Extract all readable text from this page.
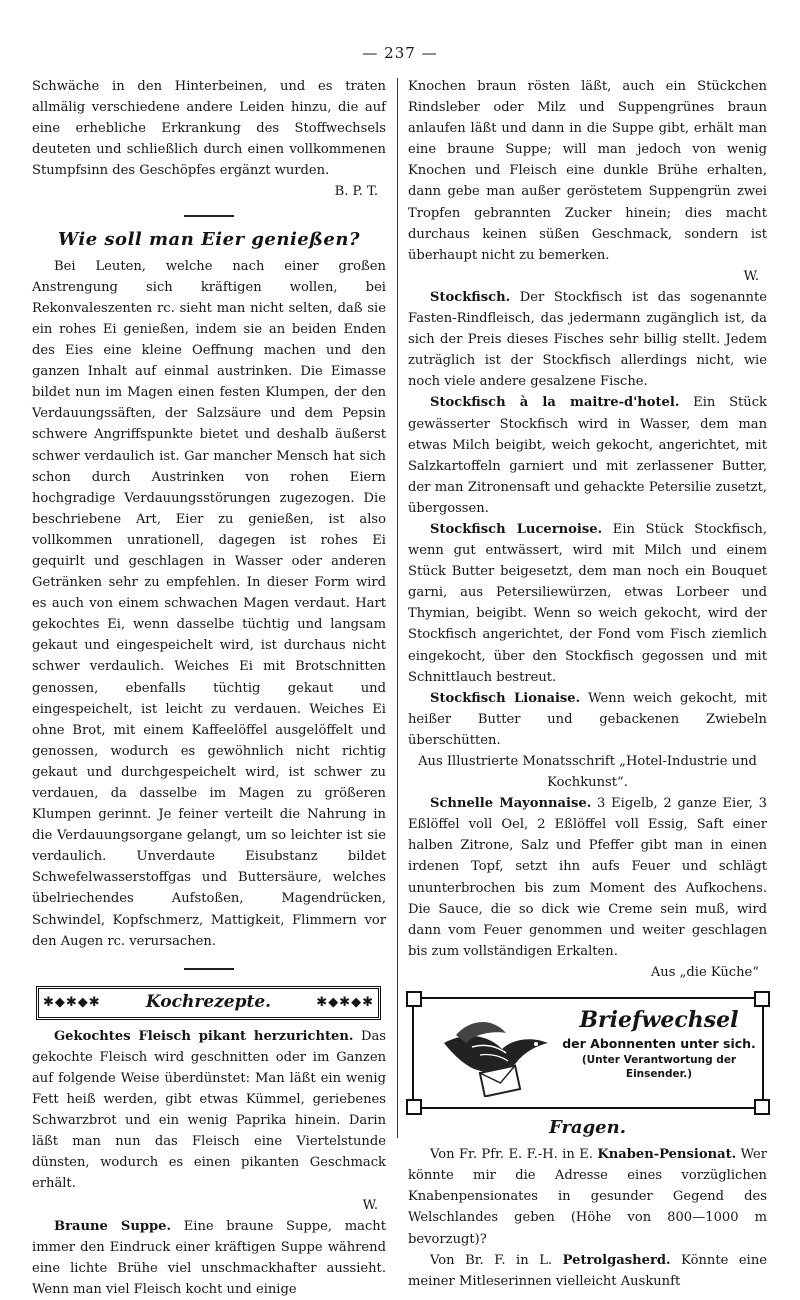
— 237 —

Schwäche in den Hinterbeinen, und es traten allmälig verschiedene andere Leiden hinzu, die auf eine erhebliche Erkrankung des Stoffwechsels deuteten und schließlich durch einen vollkommenen Stumpfsinn des Geschöpfes ergänzt wurden.

B. P. T.

Wie soll man Eier genießen?

Bei Leuten, welche nach einer großen Anstrengung sich kräftigen wollen, bei Rekonvaleszenten rc. sieht man nicht selten, daß sie ein rohes Ei genießen, indem sie an beiden Enden des Eies eine kleine Oeffnung machen und den ganzen Inhalt auf einmal austrinken. Die Eimasse bildet nun im Magen einen festen Klumpen, der den Verdauungssäften, der Salzsäure und dem Pepsin schwere Angriffspunkte bietet und deshalb äußerst schwer verdaulich ist. Gar mancher Mensch hat sich schon durch Austrinken von rohen Eiern hochgradige Verdauungsstörungen zugezogen. Die beschriebene Art, Eier zu genießen, ist also vollkommen unrationell, dagegen ist rohes Ei gequirlt und geschlagen in Wasser oder anderen Getränken sehr zu empfehlen. In dieser Form wird es auch von einem schwachen Magen verdaut. Hart gekochtes Ei, wenn dasselbe tüchtig und langsam gekaut und eingespeichelt wird, ist durchaus nicht schwer verdaulich. Weiches Ei mit Brotschnitten genossen, ebenfalls tüchtig gekaut und eingespeichelt, ist leicht zu verdauen. Weiches Ei ohne Brot, mit einem Kaffeelöffel ausgelöffelt und genossen, wodurch es gewöhnlich nicht richtig gekaut und durchgespeichelt wird, ist schwer zu verdauen, da dasselbe im Magen zu größeren Klumpen gerinnt. Je feiner verteilt die Nahrung in die Verdauungsorgane gelangt, um so leichter ist sie verdaulich. Unverdaute Eisubstanz bildet Schwefelwasserstoffgas und Buttersäure, welches übelriechendes Aufstoßen, Magendrücken, Schwindel, Kopfschmerz, Mattigkeit, Flimmern vor den Augen rc. verursachen.

✱◆✱◆✱	Kochrezepte.	✱◆✱◆✱

Gekochtes Fleisch pikant herzurichten. Das gekochte Fleisch wird geschnitten oder im Ganzen auf folgende Weise überdünstet: Man läßt ein wenig Fett heiß werden, gibt etwas Kümmel, geriebenes Schwarzbrot und ein wenig Paprika hinein. Darin läßt man nun das Fleisch eine Viertelstunde dünsten, wodurch es einen pikanten Geschmack erhält.

W.

Braune Suppe. Eine braune Suppe, macht immer den Eindruck einer kräftigen Suppe während eine lichte Brühe viel unschmackhafter aussieht. Wenn man viel Fleisch kocht und einige

Knochen braun rösten läßt, auch ein Stückchen Rindsleber oder Milz und Suppengrünes braun anlaufen läßt und dann in die Suppe gibt, erhält man eine braune Suppe; will man jedoch von wenig Knochen und Fleisch eine dunkle Brühe erhalten, dann gebe man außer geröstetem Suppengrün zwei Tropfen gebrannten Zucker hinein; dies macht durchaus keinen süßen Geschmack, sondern ist überhaupt nicht zu bemerken.

W.

Stockfisch. Der Stockfisch ist das sogenannte Fasten-Rindfleisch, das jedermann zugänglich ist, da sich der Preis dieses Fisches sehr billig stellt. Jedem zuträglich ist der Stockfisch allerdings nicht, wie noch viele andere gesalzene Fische.

Stockfisch à la maitre-d'hotel. Ein Stück gewässerter Stockfisch wird in Wasser, dem man etwas Milch beigibt, weich gekocht, angerichtet, mit Salzkartoffeln garniert und mit zerlassener Butter, der man Zitronensaft und gehackte Petersilie zusetzt, übergossen.

Stockfisch Lucernoise. Ein Stück Stockfisch, wenn gut entwässert, wird mit Milch und einem Stück Butter beigesetzt, dem man noch ein Bouquet garni, aus Petersiliewürzen, etwas Lorbeer und Thymian, beigibt. Wenn so weich gekocht, wird der Stockfisch angerichtet, der Fond vom Fisch ziemlich eingekocht, über den Stockfisch gegossen und mit Schnittlauch bestreut.

Stockfisch Lionaise. Wenn weich gekocht, mit heißer Butter und gebackenen Zwiebeln überschütten.

Aus Illustrierte Monatsschrift „Hotel-Industrie und Kochkunst“.

Schnelle Mayonnaise. 3 Eigelb, 2 ganze Eier, 3 Eßlöffel voll Oel, 2 Eßlöffel voll Essig, Saft einer halben Zitrone, Salz und Pfeffer gibt man in einen irdenen Topf, setzt ihn aufs Feuer und schlägt ununterbrochen bis zum Moment des Aufkochens. Die Sauce, die so dick wie Creme sein muß, wird dann vom Feuer genommen und weiter geschlagen bis zum vollständigen Erkalten.

Aus „die Küche“

Briefwechsel
der Abonnenten unter sich.
(Unter Verantwortung der Einsender.)
Fragen.

Von Fr. Pfr. E. F.-H. in E. Knaben-Pensionat. Wer könnte mir die Adresse eines vorzüglichen Knabenpensionates in gesunder Gegend des Welschlandes geben (Höhe von 800—1000 m bevorzugt)?

Von Br. F. in L. Petrolgasherd. Könnte eine meiner Mitleserinnen vielleicht Auskunft
